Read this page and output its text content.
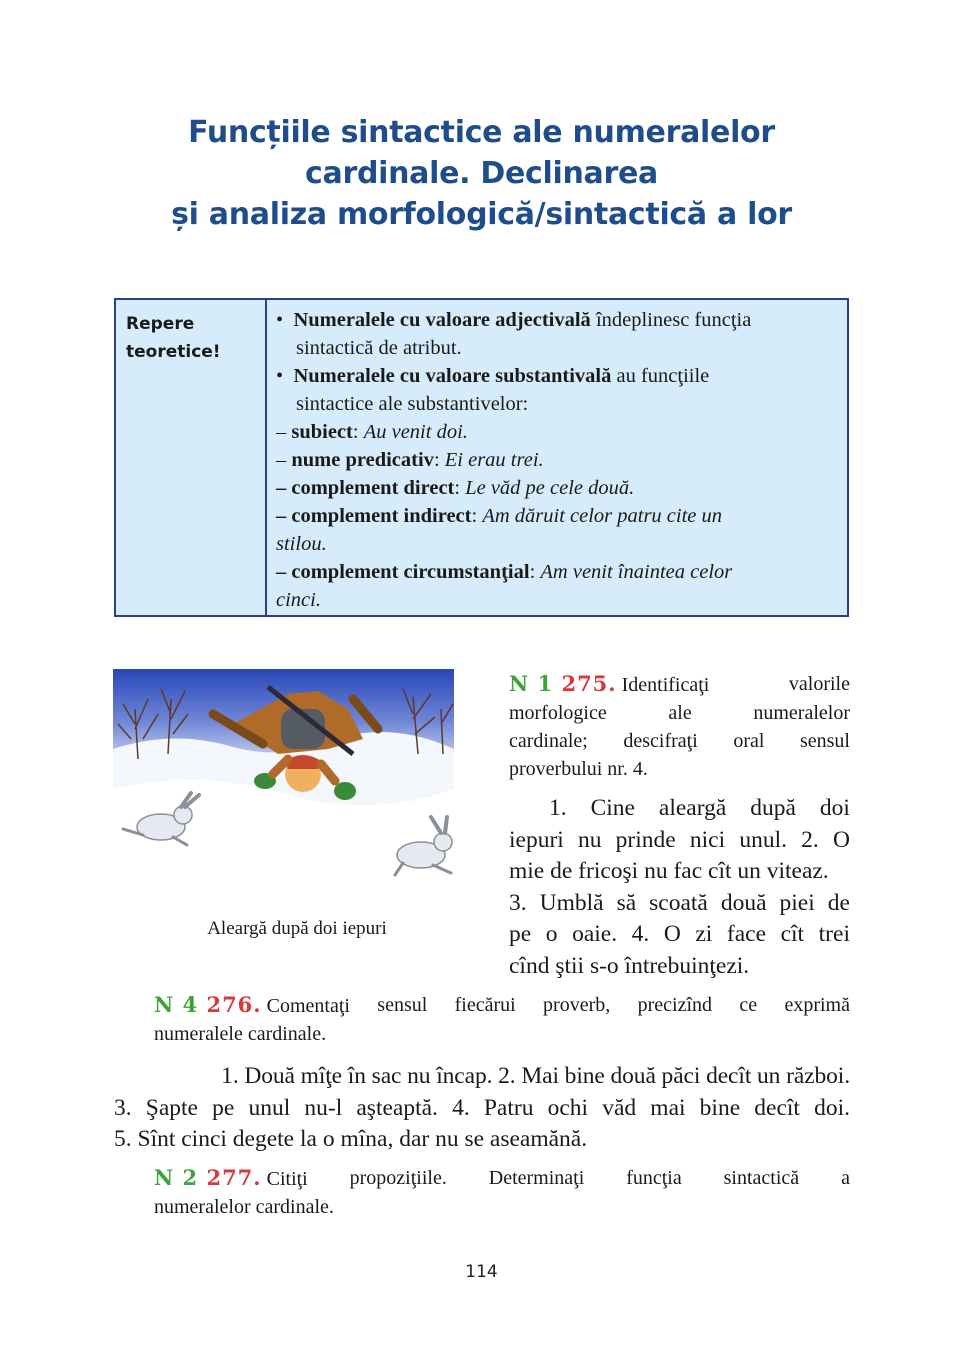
Funcțiile sintactice ale numeralelor
cardinale. Declinarea
și analiza morfologică/sintactică a lor
Repere teoretice!
•  Numeralele cu valoare adjectivală îndeplinesc funcţia
sintactică de atribut.
•  Numeralele cu valoare substantivală au funcţiile
sintactice ale substantivelor:
– subiect: Au venit doi.
– nume predicativ: Ei erau trei.
– complement direct: Le văd pe cele două.
– complement indirect: Am dăruit celor patru cite un
stilou.
– complement circumstanţial: Am venit înaintea celor
cinci.
Aleargă după doi iepuri
N 1 275. Identificaţi	valorile
morfologice	ale	numeralelor
cardinale; descifraţi oral sensul
proverbului nr. 4.
1. Cine aleargă după doi
iepuri nu prinde nici unul. 2. O
mie de fricoşi nu fac cît un viteaz.
3. Umblă să scoată două piei de
pe o oaie. 4. O zi face cît trei
cînd ştii s-o întrebuinţezi.
N 4 276. Comentaţi sensul fiecărui proverb, precizînd ce exprimă
numeralele cardinale.
1. Două mîţe în sac nu încap. 2. Mai bine două păci decît un război.
3. Şapte pe unul nu-l aşteaptă. 4. Patru ochi văd mai bine decît doi.
5. Sînt cinci degete la o mîna, dar nu se aseamănă.
N 2 277. Citiţi propoziţiile. Determinaţi funcţia sintactică a
numeralelor cardinale.
114
